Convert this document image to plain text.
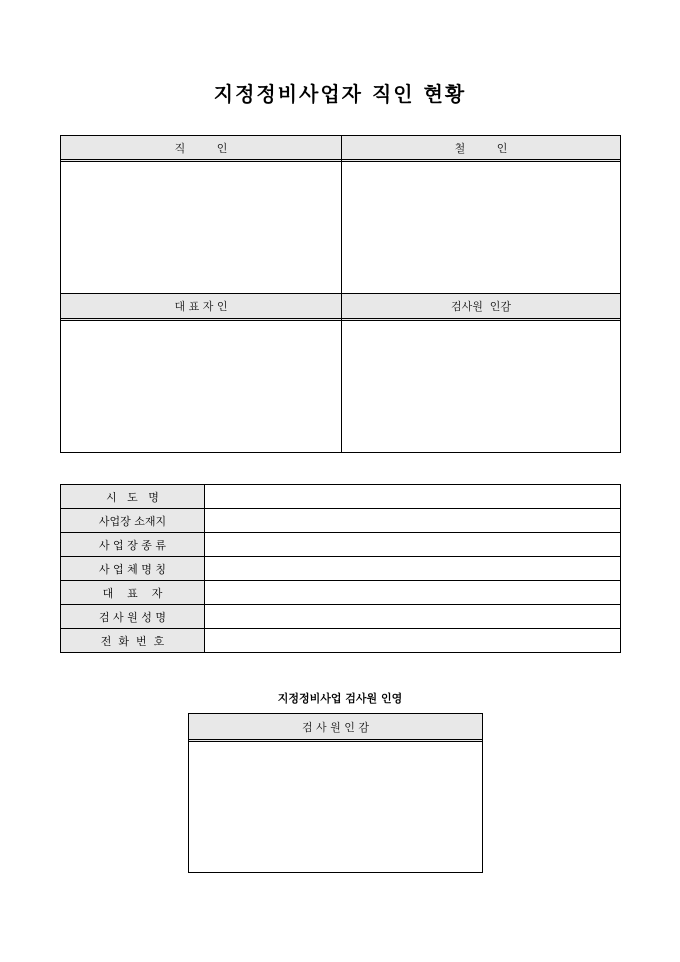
지정정비사업자 직인 현황
직         인	철         인
대 표 자 인	검사원  인감
시   도   명	
사업장 소재지	
사 업 장 종 류	
사 업 체 명 칭	
대    표    자	
검 사 원 성 명	
전  화  번  호	
지정정비사업 검사원 인영
검 사 원 인 감
